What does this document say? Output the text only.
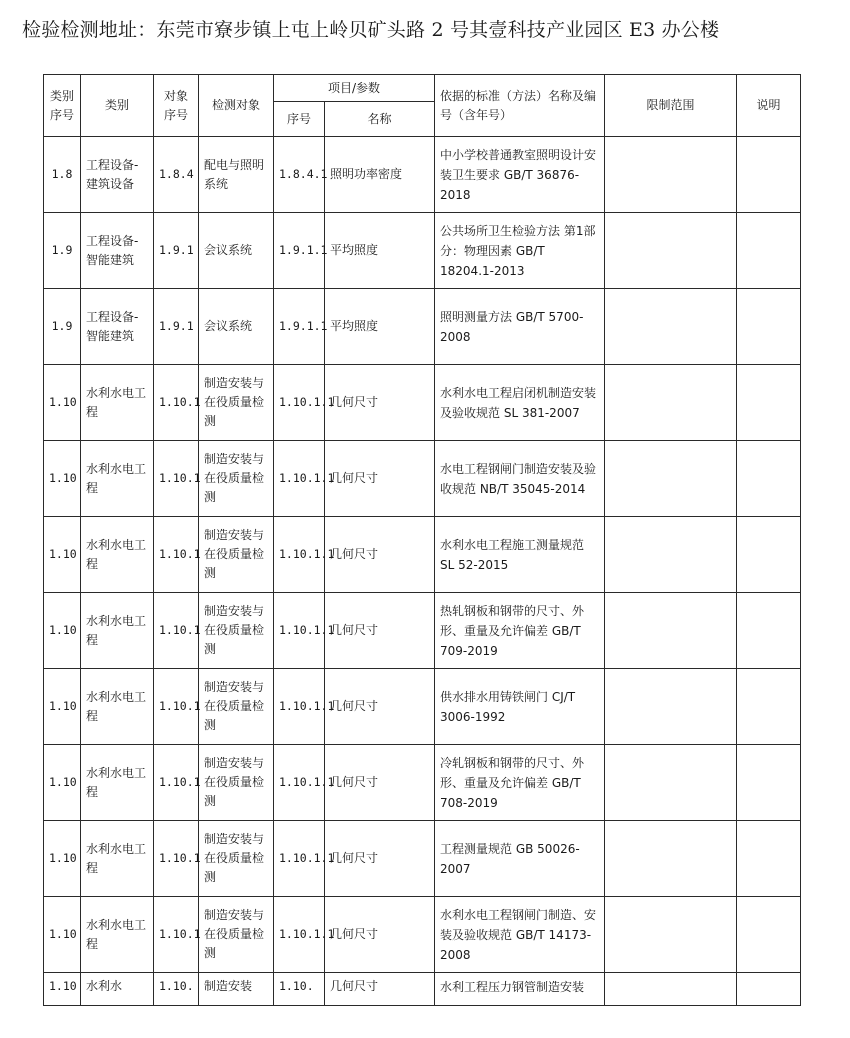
检验检测地址：东莞市寮步镇上屯上岭贝矿头路 2 号其壹科技产业园区 E3 办公楼
类别序号	类别	对象序号	检测对象	项目/参数		依据的标准（方法）名称及编号（含年号）	限制范围	说明
				序号	名称			
1.8	工程设备-建筑设备	1.8.4	配电与照明系统	1.8.4.1	照明功率密度	中小学校普通教室照明设计安装卫生要求 GB/T 36876-2018		
1.9	工程设备-智能建筑	1.9.1	会议系统	1.9.1.1	平均照度	公共场所卫生检验方法 第1部分：物理因素 GB/T 18204.1-2013		
1.9	工程设备-智能建筑	1.9.1	会议系统	1.9.1.1	平均照度	照明测量方法 GB/T 5700-2008		
1.10	水利水电工程	1.10.1	制造安装与在役质量检测	1.10.1.1	几何尺寸	水利水电工程启闭机制造安装及验收规范 SL 381-2007		
1.10	水利水电工程	1.10.1	制造安装与在役质量检测	1.10.1.1	几何尺寸	水电工程钢闸门制造安装及验收规范 NB/T 35045-2014		
1.10	水利水电工程	1.10.1	制造安装与在役质量检测	1.10.1.1	几何尺寸	水利水电工程施工测量规范 SL 52-2015		
1.10	水利水电工程	1.10.1	制造安装与在役质量检测	1.10.1.1	几何尺寸	热轧钢板和钢带的尺寸、外形、重量及允许偏差 GB/T 709-2019		
1.10	水利水电工程	1.10.1	制造安装与在役质量检测	1.10.1.1	几何尺寸	供水排水用铸铁闸门 CJ/T 3006-1992		
1.10	水利水电工程	1.10.1	制造安装与在役质量检测	1.10.1.1	几何尺寸	冷轧钢板和钢带的尺寸、外形、重量及允许偏差 GB/T 708-2019		
1.10	水利水电工程	1.10.1	制造安装与在役质量检测	1.10.1.1	几何尺寸	工程测量规范 GB 50026-2007		
1.10	水利水电工程	1.10.1	制造安装与在役质量检测	1.10.1.1	几何尺寸	水利水电工程钢闸门制造、安装及验收规范 GB/T 14173-2008		
1.10	水利水	1.10.	制造安装	1.10.	几何尺寸	水利工程压力钢管制造安装		
